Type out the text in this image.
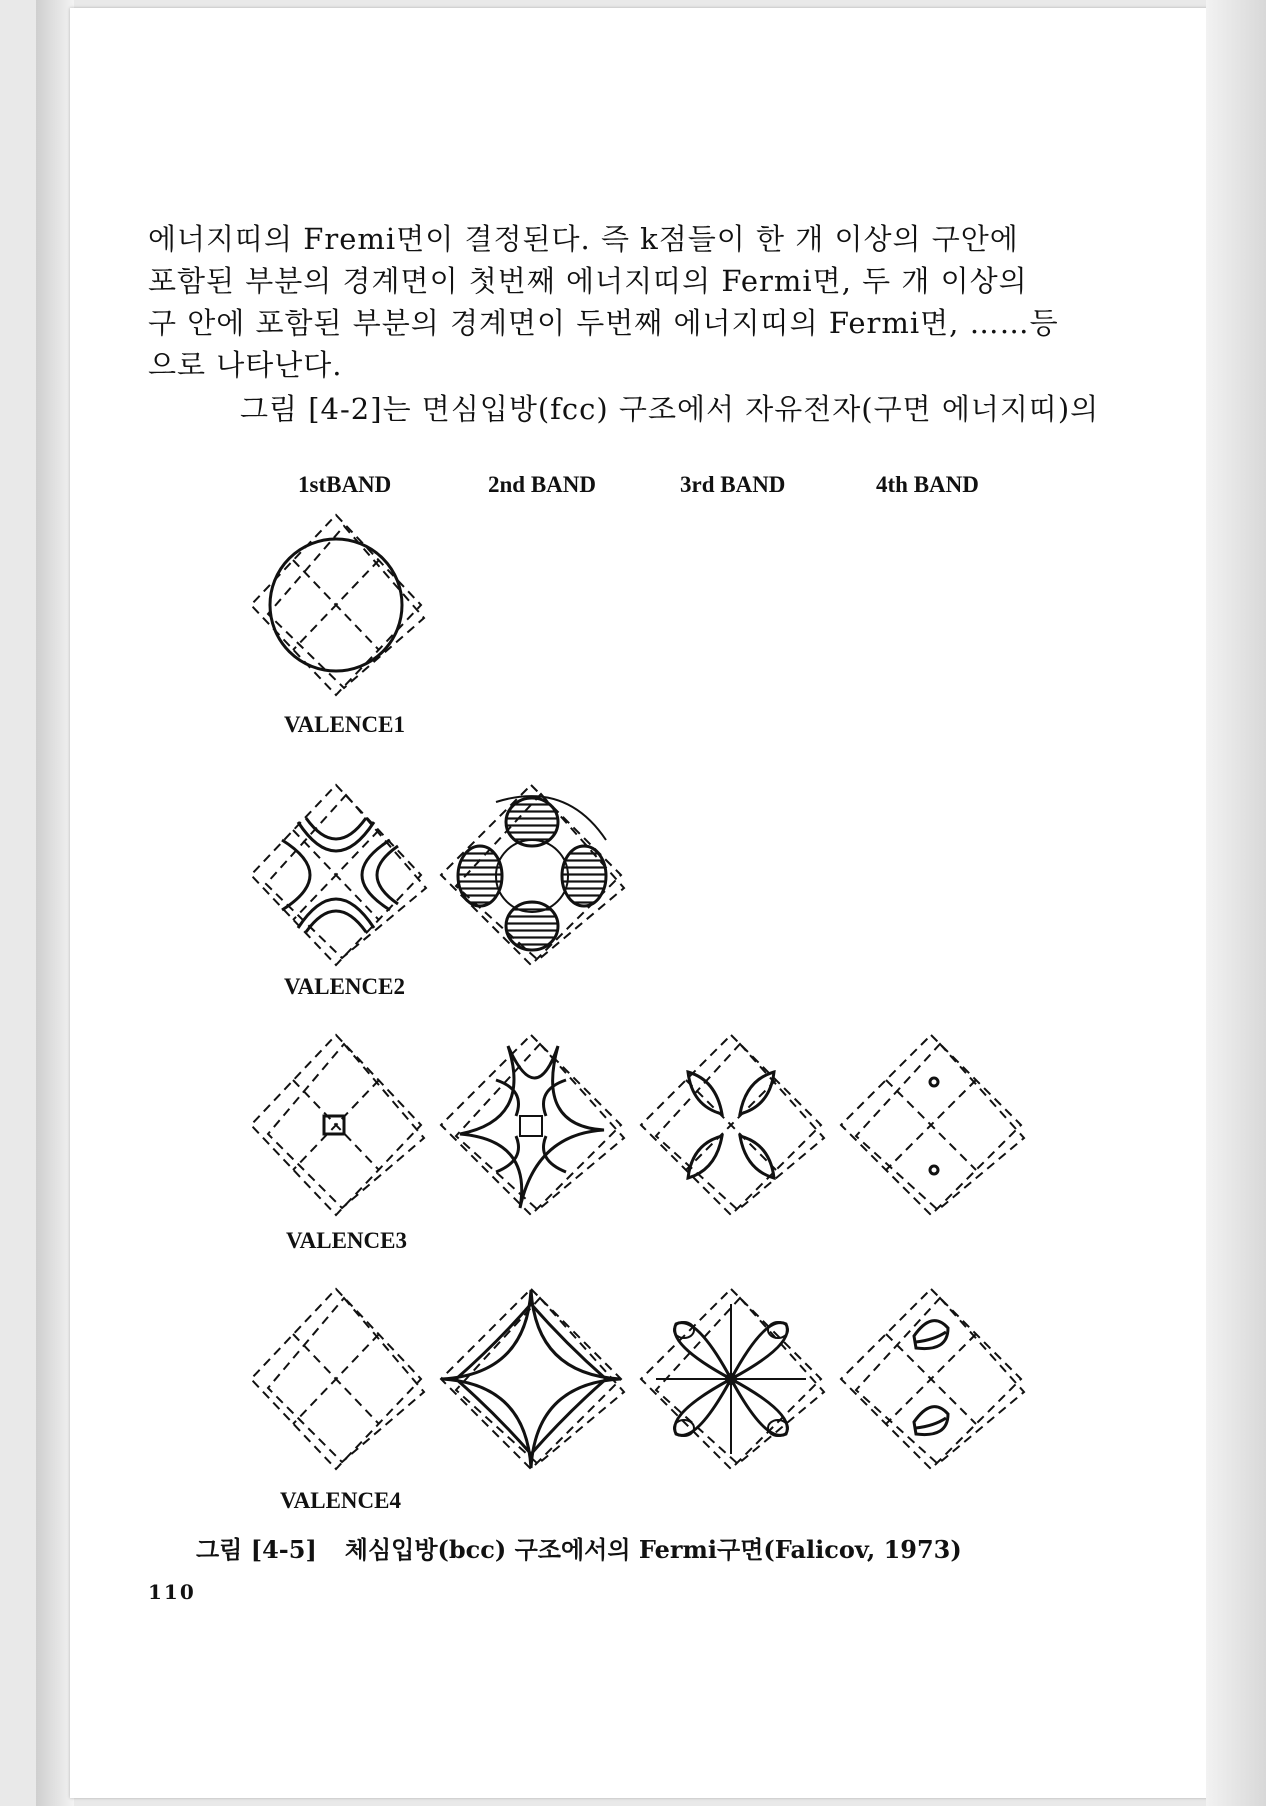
에너지띠의 Fremi면이 결정된다. 즉 k점들이 한 개 이상의 구안에

포함된 부분의 경계면이 첫번째 에너지띠의 Fermi면, 두 개 이상의

구 안에 포함된 부분의 경계면이 두번째 에너지띠의 Fermi면, ……등

으로 나타난다.

그림 [4-2]는 면심입방(fcc) 구조에서 자유전자(구면 에너지띠)의

1stBAND	2nd BAND	3rd BAND	4th BAND
VALENCE1
VALENCE2
VALENCE3
VALENCE4
그림 [4-5] 체심입방(bcc) 구조에서의 Fermi구면(Falicov, 1973)
110
